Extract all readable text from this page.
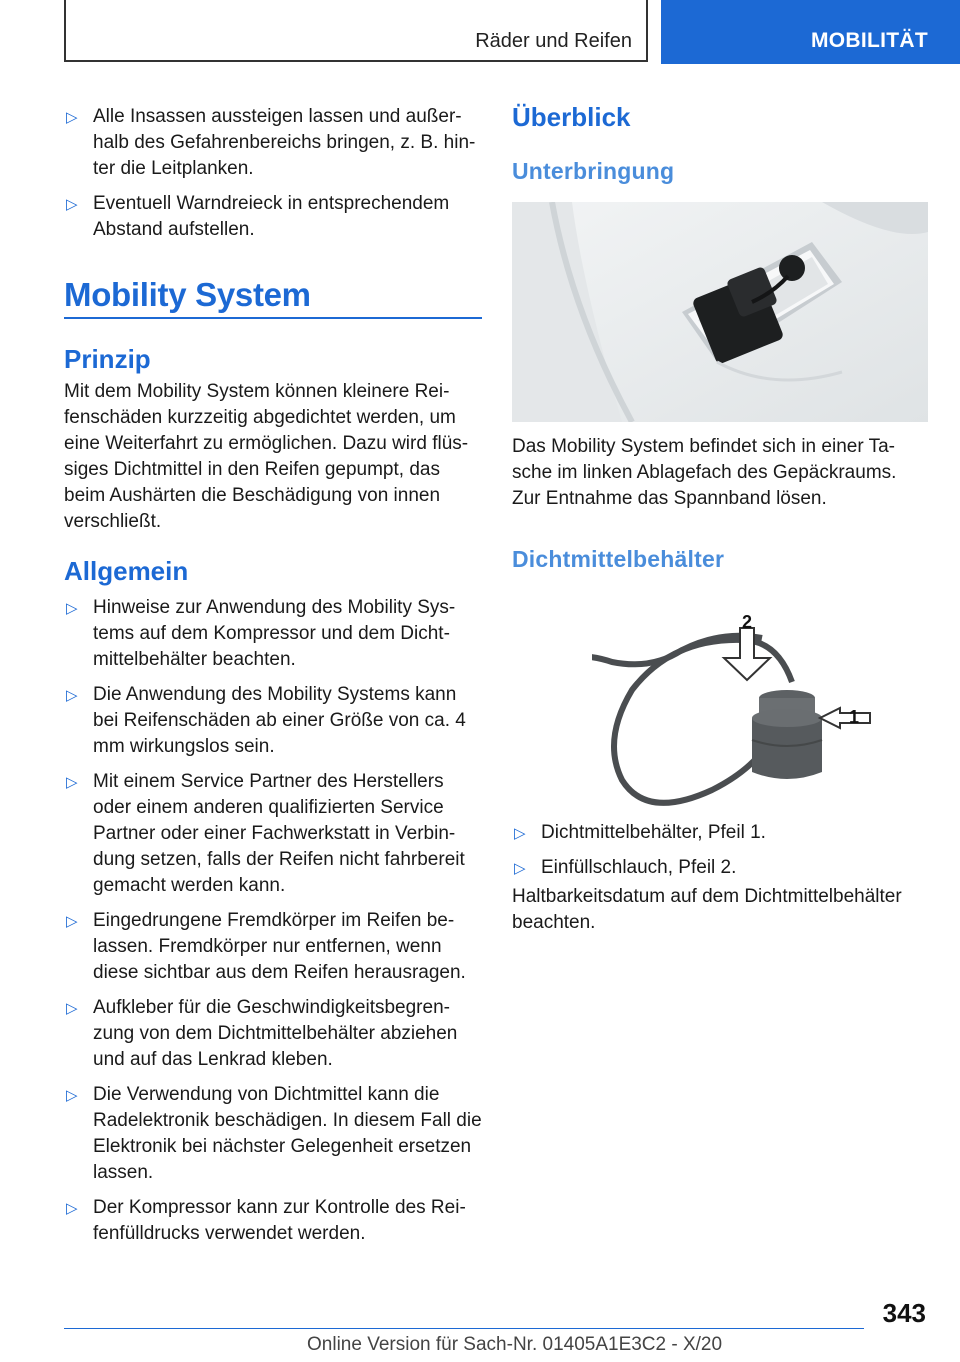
Räder und Reifen	MOBILITÄT
▷ Alle Insassen aussteigen lassen und außerhalb des Gefahrenbereichs bringen, z. B. hinter die Leitplanken.
▷ Eventuell Warndreieck in entsprechendem Abstand aufstellen.
Mobility System
Prinzip

Mit dem Mobility System können kleinere Reifenschäden kurzzeitig abgedichtet werden, um eine Weiterfahrt zu ermöglichen. Dazu wird flüssiges Dichtmittel in den Reifen gepumpt, das beim Aushärten die Beschädigung von innen verschließt.

Allgemein
▷ Hinweise zur Anwendung des Mobility Systems auf dem Kompressor und dem Dichtmittelbehälter beachten.
▷ Die Anwendung des Mobility Systems kann bei Reifenschäden ab einer Größe von ca. 4 mm wirkungslos sein.
▷ Mit einem Service Partner des Herstellers oder einem anderen qualifizierten Service Partner oder einer Fachwerkstatt in Verbindung setzen, falls der Reifen nicht fahrbereit gemacht werden kann.
▷ Eingedrungene Fremdkörper im Reifen belassen. Fremdkörper nur entfernen, wenn diese sichtbar aus dem Reifen herausragen.
▷ Aufkleber für die Geschwindigkeitsbegrenzung von dem Dichtmittelbehälter abziehen und auf das Lenkrad kleben.
▷ Die Verwendung von Dichtmittel kann die Radelektronik beschädigen. In diesem Fall die Elektronik bei nächster Gelegenheit ersetzen lassen.
▷ Der Kompressor kann zur Kontrolle des Reifenfülldrucks verwendet werden.
Überblick
Unterbringung

Das Mobility System befindet sich in einer Tasche im linken Ablagefach des Gepäckraums. Zur Entnahme das Spannband lösen.

Dichtmittelbehälter
1
2
▷ Dichtmittelbehälter, Pfeil 1.
▷ Einfüllschlauch, Pfeil 2.

Haltbarkeitsdatum auf dem Dichtmittelbehälter beachten.

343
Online Version für Sach-Nr. 01405A1E3C2 - X/20
